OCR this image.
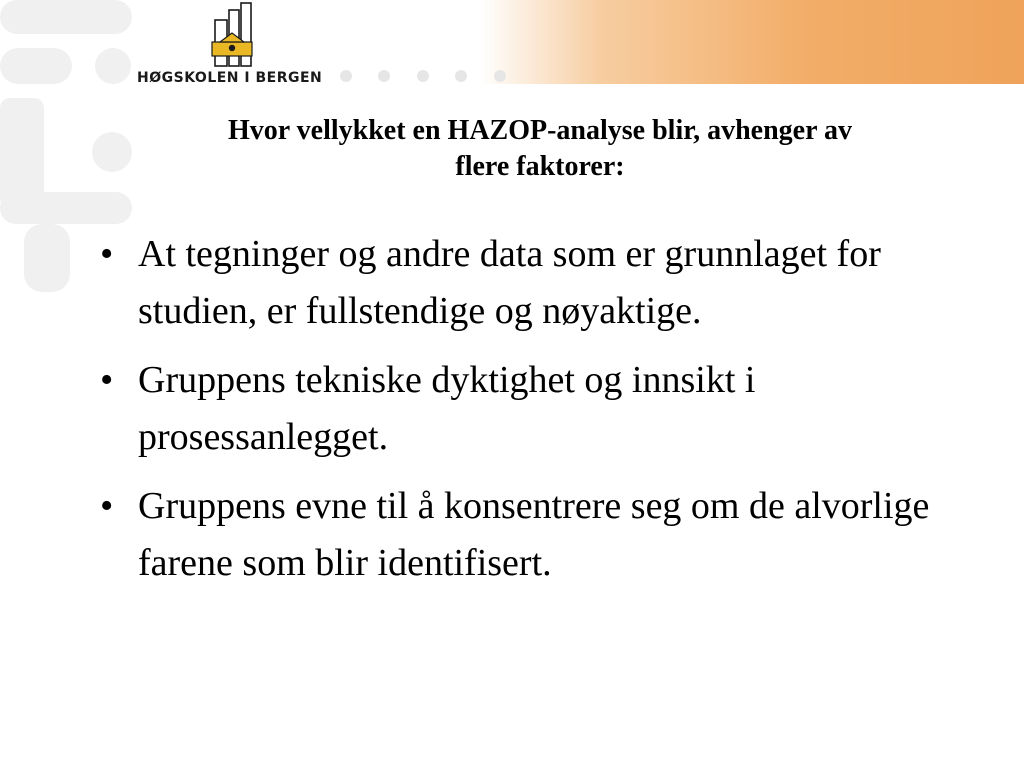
HØGSKOLEN I BERGEN

Hvor vellykket en HAZOP-analyse blir, avhenger av
flere faktorer:
• At tegninger og andre data som er grunnlaget for studien, er fullstendige og nøyaktige.
• Gruppens tekniske dyktighet og innsikt i prosessanlegget.
• Gruppens evne til å konsentrere seg om de alvorlige farene som blir identifisert.
